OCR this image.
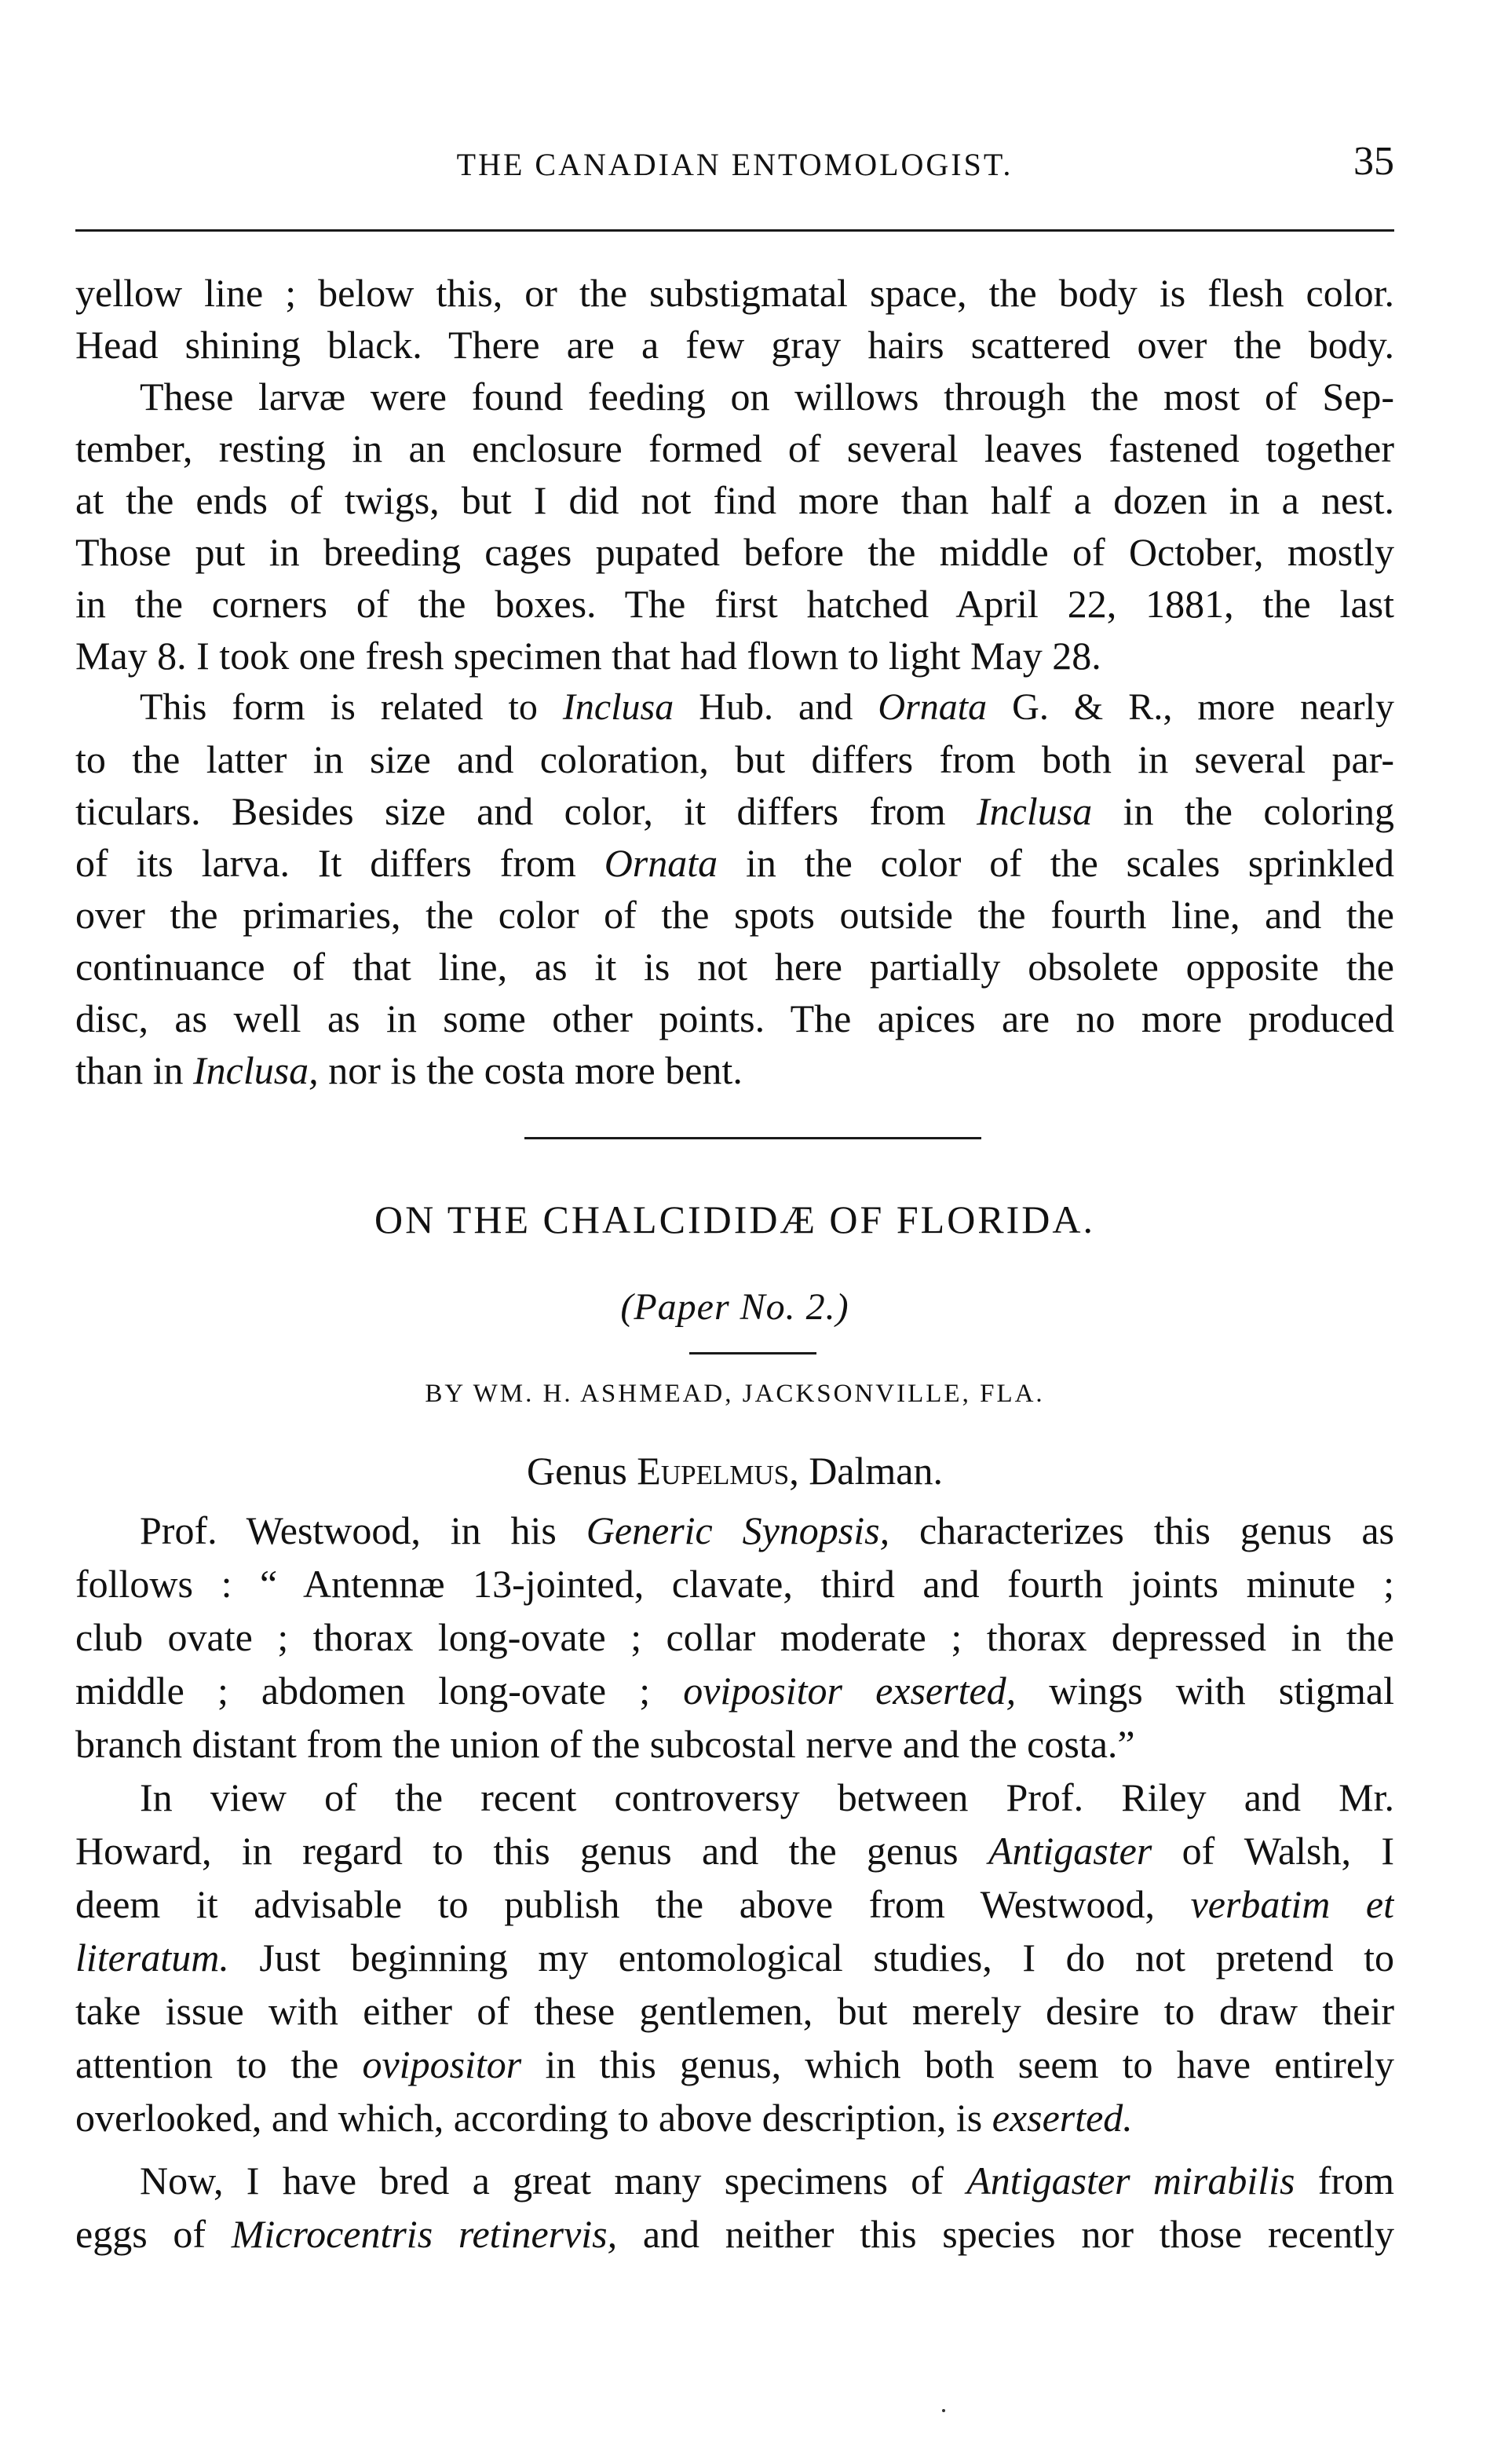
THE CANADIAN ENTOMOLOGIST.	35
yellow line ; below this, or the substigmatal space, the body is flesh color.
Head shining black. There are a few gray hairs scattered over the body.
These larvæ were found feeding on willows through the most of Sep-
tember, resting in an enclosure formed of several leaves fastened together
at the ends of twigs, but I did not find more than half a dozen in a nest.
Those put in breeding cages pupated before the middle of October, mostly
in the corners of the boxes. The first hatched April 22, 1881, the last
May 8. I took one fresh specimen that had flown to light May 28.
This form is related to Inclusa Hub. and Ornata G. & R., more nearly
to the latter in size and coloration, but differs from both in several par-
ticulars. Besides size and color, it differs from Inclusa in the coloring
of its larva. It differs from Ornata in the color of the scales sprinkled
over the primaries, the color of the spots outside the fourth line, and the
continuance of that line, as it is not here partially obsolete opposite the
disc, as well as in some other points. The apices are no more produced
than in Inclusa, nor is the costa more bent.
ON THE CHALCIDIDÆ OF FLORIDA.
(Paper No. 2.)
BY WM. H. ASHMEAD, JACKSONVILLE, FLA.
Genus Eupelmus, Dalman.
Prof. Westwood, in his Generic Synopsis, characterizes this genus as
follows : “ Antennæ 13-jointed, clavate, third and fourth joints minute ;
club ovate ; thorax long-ovate ; collar moderate ; thorax depressed in the
middle ; abdomen long-ovate ; ovipositor exserted, wings with stigmal
branch distant from the union of the subcostal nerve and the costa.”
In view of the recent controversy between Prof. Riley and Mr.
Howard, in regard to this genus and the genus Antigaster of Walsh, I
deem it advisable to publish the above from Westwood, verbatim et
literatum. Just beginning my entomological studies, I do not pretend to
take issue with either of these gentlemen, but merely desire to draw their
attention to the ovipositor in this genus, which both seem to have entirely
overlooked, and which, according to above description, is exserted.
Now, I have bred a great many specimens of Antigaster mirabilis from
eggs of Microcentris retinervis, and neither this species nor those recently
